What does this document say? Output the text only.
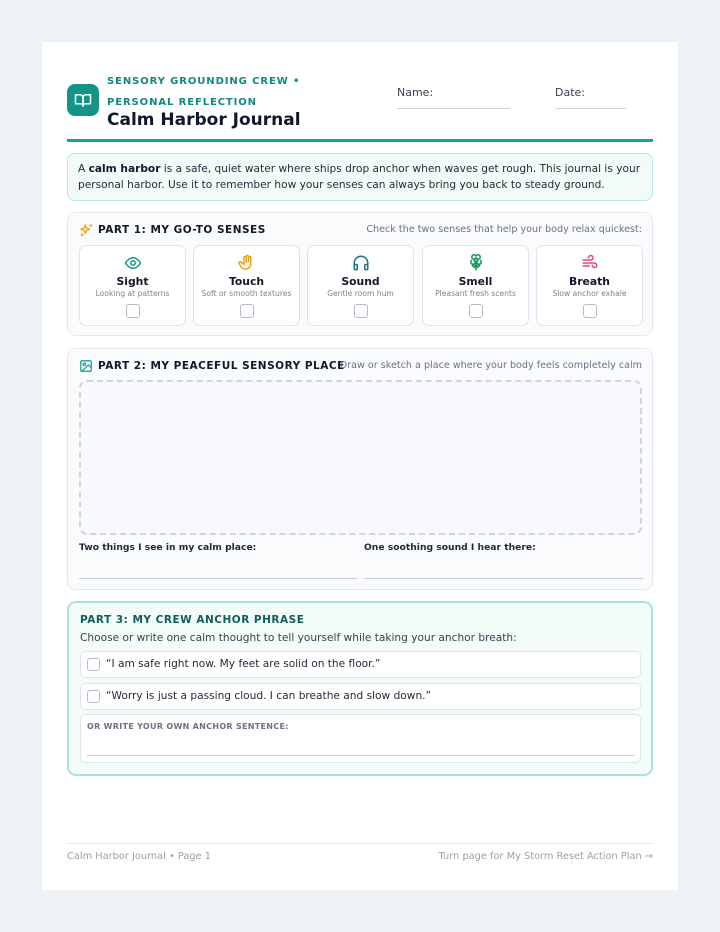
SENSORY GROUNDING CREW • PERSONAL REFLECTION
Calm Harbor Journal
Name:	Date:
A calm harbor is a safe, quiet water where ships drop anchor when waves get rough. This journal is your personal harbor. Use it to remember how your senses can always bring you back to steady ground.
PART 1: MY GO-TO SENSES	Check the two senses that help your body relax quickest:
Sight
Looking at patterns
Touch
Soft or smooth textures
Sound
Gentle room hum
Smell
Pleasant fresh scents
Breath
Slow anchor exhale
PART 2: MY PEACEFUL SENSORY PLACE
Draw or sketch a place where your body feels completely calm
Two things I see in my calm place:	One soothing sound I hear there:
PART 3: MY CREW ANCHOR PHRASE
Choose or write one calm thought to tell yourself while taking your anchor breath:
“I am safe right now. My feet are solid on the floor.”
“Worry is just a passing cloud. I can breathe and slow down.”
OR WRITE YOUR OWN ANCHOR SENTENCE:
Calm Harbor Journal • Page 1	Turn page for My Storm Reset Action Plan →
